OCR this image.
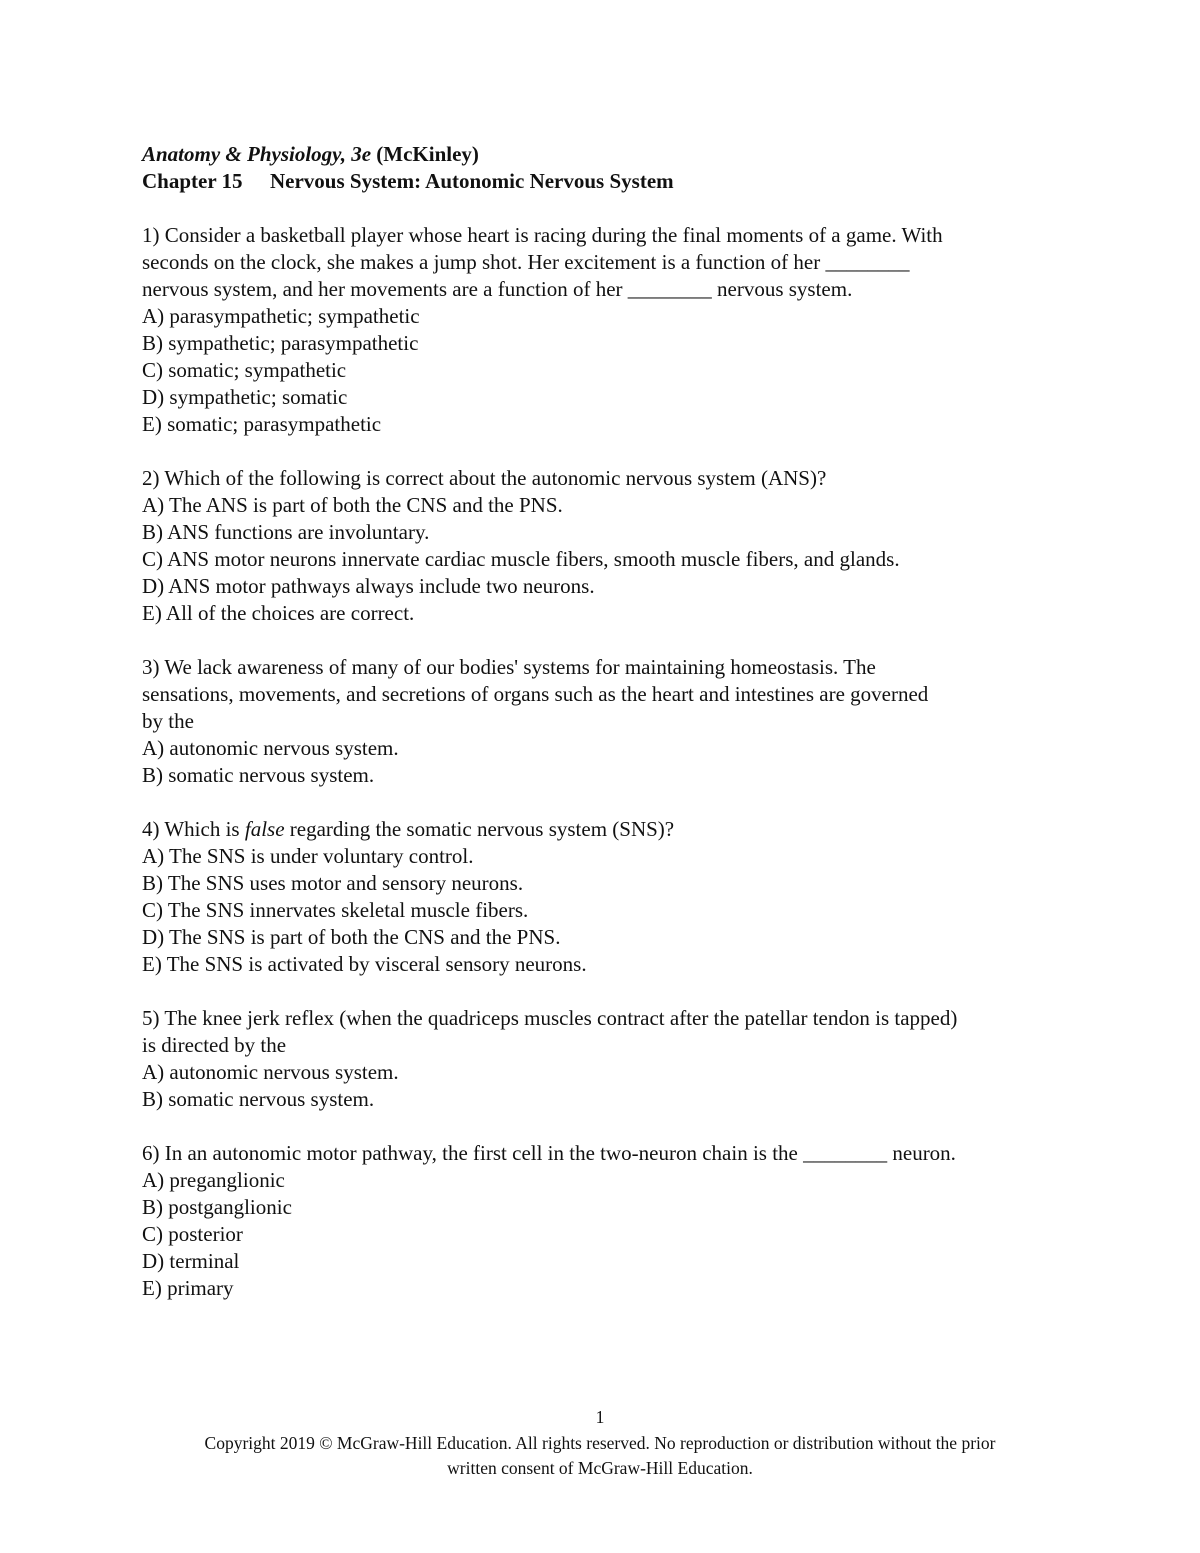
Anatomy & Physiology, 3e (McKinley)
Chapter 15 Nervous System: Autonomic Nervous System
1) Consider a basketball player whose heart is racing during the final moments of a game. With
seconds on the clock, she makes a jump shot. Her excitement is a function of her ________
nervous system, and her movements are a function of her ________ nervous system.
A) parasympathetic; sympathetic
B) sympathetic; parasympathetic
C) somatic; sympathetic
D) sympathetic; somatic
E) somatic; parasympathetic
2) Which of the following is correct about the autonomic nervous system (ANS)?
A) The ANS is part of both the CNS and the PNS.
B) ANS functions are involuntary.
C) ANS motor neurons innervate cardiac muscle fibers, smooth muscle fibers, and glands.
D) ANS motor pathways always include two neurons.
E) All of the choices are correct.
3) We lack awareness of many of our bodies' systems for maintaining homeostasis. The
sensations, movements, and secretions of organs such as the heart and intestines are governed
by the
A) autonomic nervous system.
B) somatic nervous system.
4) Which is false regarding the somatic nervous system (SNS)?
A) The SNS is under voluntary control.
B) The SNS uses motor and sensory neurons.
C) The SNS innervates skeletal muscle fibers.
D) The SNS is part of both the CNS and the PNS.
E) The SNS is activated by visceral sensory neurons.
5) The knee jerk reflex (when the quadriceps muscles contract after the patellar tendon is tapped)
is directed by the
A) autonomic nervous system.
B) somatic nervous system.
6) In an autonomic motor pathway, the first cell in the two-neuron chain is the ________ neuron.
A) preganglionic
B) postganglionic
C) posterior
D) terminal
E) primary
1
Copyright 2019 © McGraw-Hill Education. All rights reserved. No reproduction or distribution without the prior
written consent of McGraw-Hill Education.
